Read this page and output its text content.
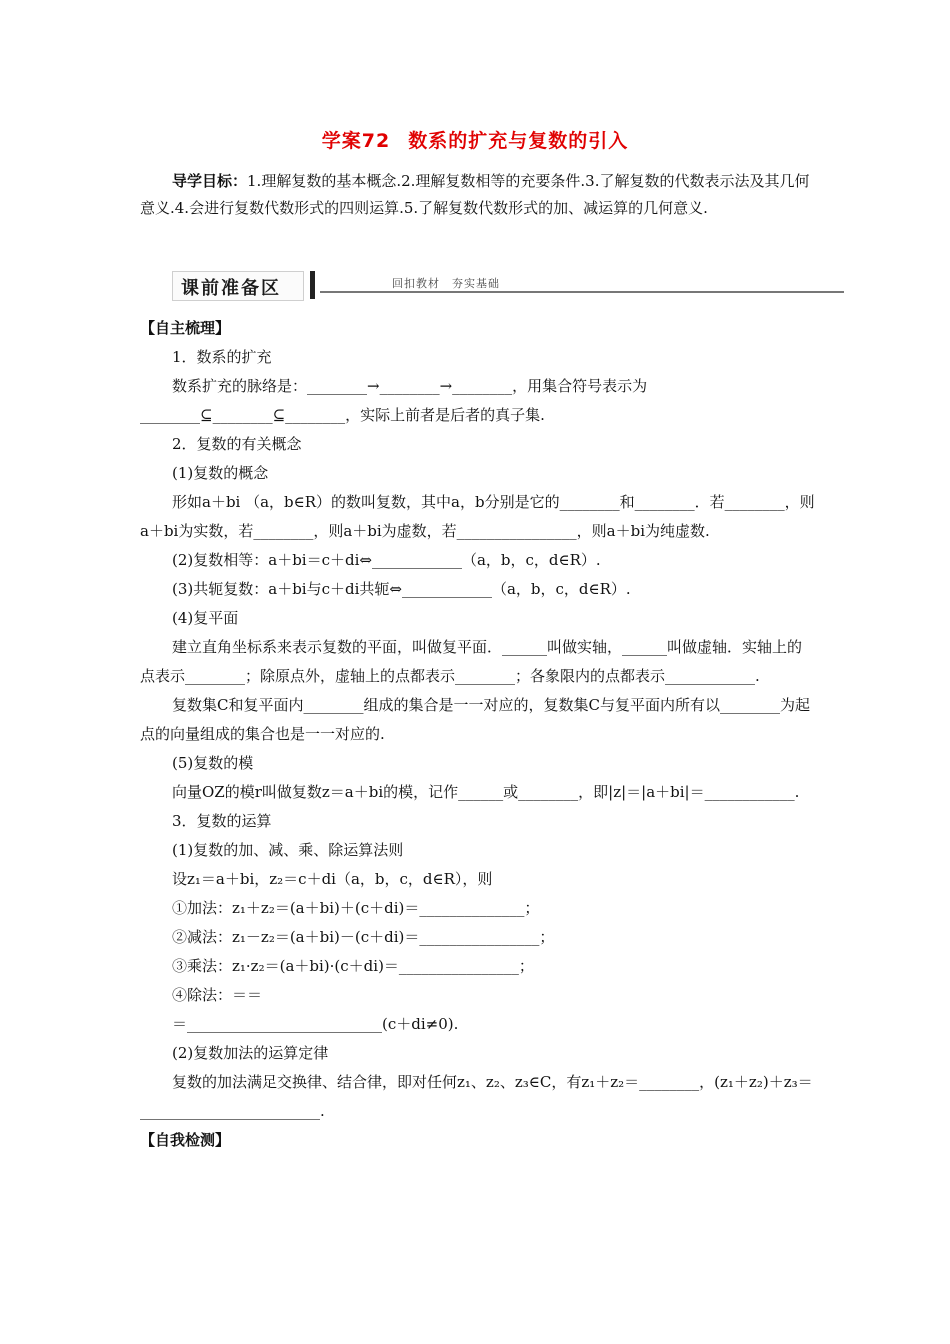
学案72 数系的扩充与复数的引入
导学目标：1.理解复数的基本概念.2.理解复数相等的充要条件.3.了解复数的代数表示法及其几何意义.4.会进行复数代数形式的四则运算.5.了解复数代数形式的加、减运算的几何意义.
课前准备区	回扣教材　夯实基础

【自主梳理】

1．数系的扩充

数系扩充的脉络是：________→________→________，用集合符号表示为________⊆________⊆________，实际上前者是后者的真子集.

2．复数的有关概念

(1)复数的概念

形如a＋bi （a，b∈R）的数叫复数，其中a，b分别是它的________和________．若________，则a＋bi为实数，若________，则a＋bi为虚数，若________________，则a＋bi为纯虚数.

(2)复数相等：a＋bi＝c＋di⇔____________（a，b，c，d∈R）.

(3)共轭复数：a＋bi与c＋di共轭⇔____________（a，b，c，d∈R）.

(4)复平面

建立直角坐标系来表示复数的平面，叫做复平面．______叫做实轴，______叫做虚轴．实轴上的点表示________；除原点外，虚轴上的点都表示________；各象限内的点都表示____________.

复数集C和复平面内________组成的集合是一一对应的，复数集C与复平面内所有以________为起点的向量组成的集合也是一一对应的.

(5)复数的模

向量OZ的模r叫做复数z＝a＋bi的模，记作______或________，即|z|＝|a＋bi|＝____________.

3．复数的运算

(1)复数的加、减、乘、除运算法则

设z₁＝a＋bi，z₂＝c＋di（a，b，c，d∈R），则

①加法：z₁＋z₂＝(a＋bi)＋(c＋di)＝______________；

②减法：z₁－z₂＝(a＋bi)－(c＋di)＝________________；

③乘法：z₁·z₂＝(a＋bi)·(c＋di)＝________________；

④除法：＝＝

＝__________________________(c＋di≠0).

(2)复数加法的运算定律

复数的加法满足交换律、结合律，即对任何z₁、z₂、z₃∈C，有z₁＋z₂＝________，(z₁＋z₂)＋z₃＝________________________.

【自我检测】
